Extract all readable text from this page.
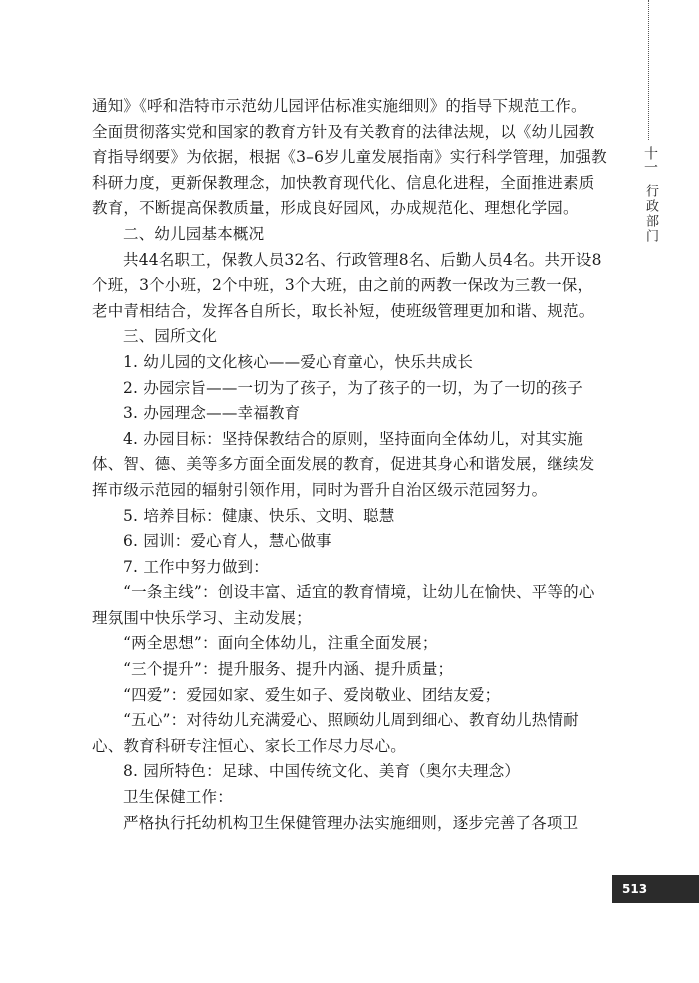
通知》《呼和浩特市示范幼儿园评估标准实施细则》的指导下规范工作。

全面贯彻落实党和国家的教育方针及有关教育的法律法规，以《幼儿园教育指导纲要》为依据，根据《3–6岁儿童发展指南》实行科学管理，加强教科研力度，更新保教理念，加快教育现代化、信息化进程，全面推进素质教育，不断提高保教质量，形成良好园风，办成规范化、理想化学园。

二、幼儿园基本概况

共44名职工，保教人员32名、行政管理8名、后勤人员4名。共开设8个班，3个小班，2个中班，3个大班，由之前的两教一保改为三教一保，老中青相结合，发挥各自所长，取长补短，使班级管理更加和谐、规范。

三、园所文化

1. 幼儿园的文化核心——爱心育童心，快乐共成长

2. 办园宗旨——一切为了孩子，为了孩子的一切，为了一切的孩子

3. 办园理念——幸福教育

4. 办园目标：坚持保教结合的原则，坚持面向全体幼儿，对其实施体、智、德、美等多方面全面发展的教育，促进其身心和谐发展，继续发挥市级示范园的辐射引领作用，同时为晋升自治区级示范园努力。

5. 培养目标：健康、快乐、文明、聪慧

6. 园训：爱心育人，慧心做事

7. 工作中努力做到：

“一条主线”：创设丰富、适宜的教育情境，让幼儿在愉快、平等的心理氛围中快乐学习、主动发展；

“两全思想”：面向全体幼儿，注重全面发展；

“三个提升”：提升服务、提升内涵、提升质量；

“四爱”：爱园如家、爱生如子、爱岗敬业、团结友爱；

“五心”：对待幼儿充满爱心、照顾幼儿周到细心、教育幼儿热情耐心、教育科研专注恒心、家长工作尽力尽心。

8. 园所特色：足球、中国传统文化、美育（奥尔夫理念）

卫生保健工作：

严格执行托幼机构卫生保健管理办法实施细则，逐步完善了各项卫

十一行政部门
513
